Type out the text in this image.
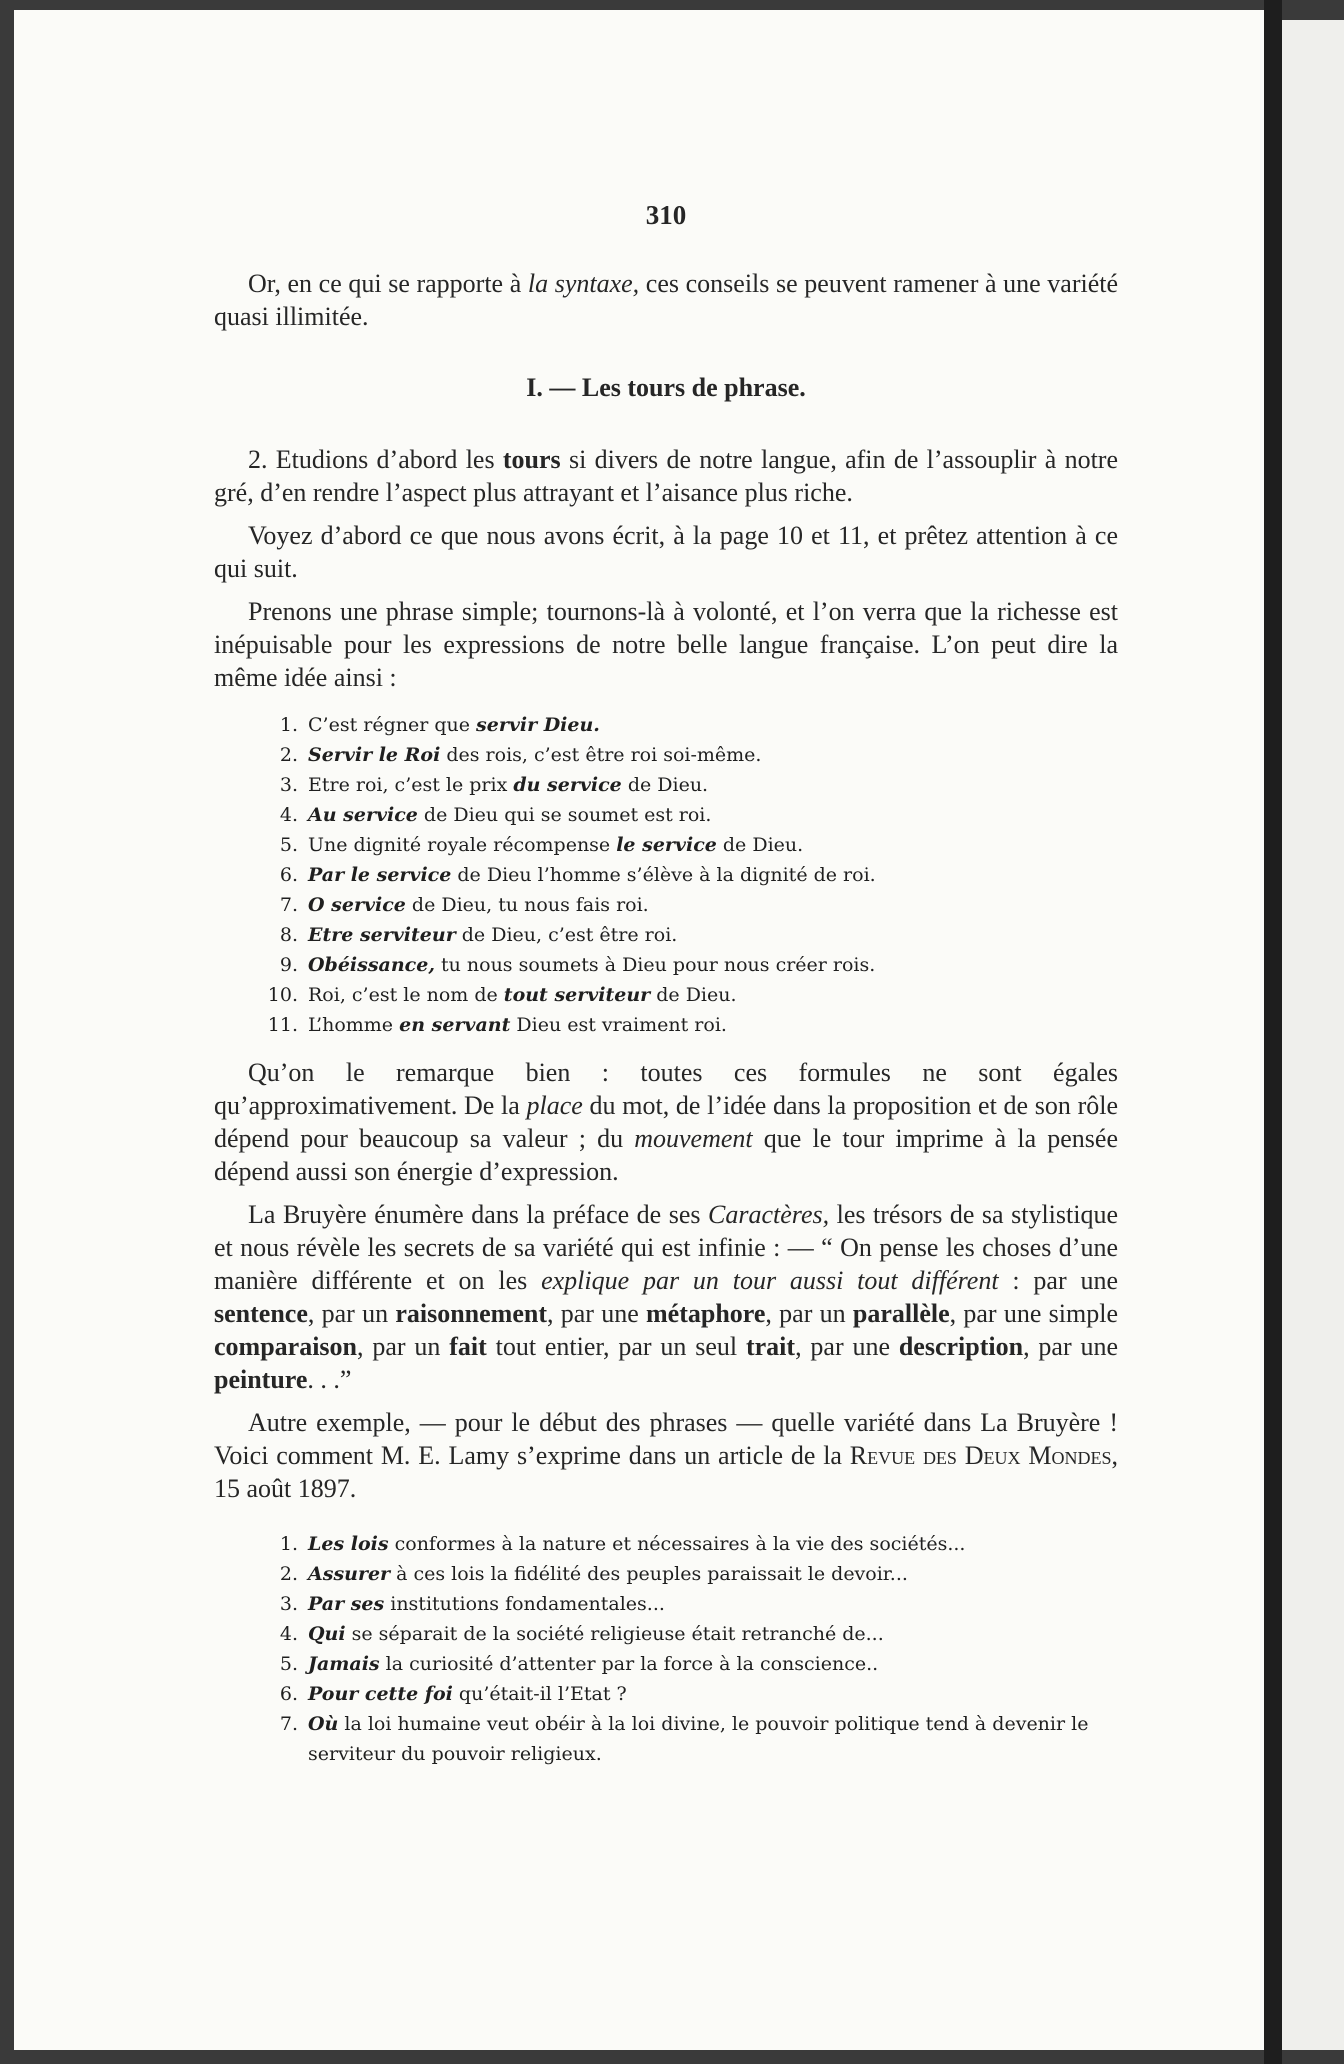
310

Or, en ce qui se rapporte à la syntaxe, ces conseils se peuvent ramener à une variété quasi illimitée.

I. — Les tours de phrase.

2. Etudions d’abord les tours si divers de notre langue, afin de l’assouplir à notre gré, d’en rendre l’aspect plus attrayant et l’aisance plus riche.

Voyez d’abord ce que nous avons écrit, à la page 10 et 11, et prêtez attention à ce qui suit.

Prenons une phrase simple; tournons-là à volonté, et l’on verra que la richesse est inépuisable pour les expressions de notre belle langue française. L’on peut dire la même idée ainsi :

1. C’est régner que servir Dieu.
2. Servir le Roi des rois, c’est être roi soi-même.
3. Etre roi, c’est le prix du service de Dieu.
4. Au service de Dieu qui se soumet est roi.
5. Une dignité royale récompense le service de Dieu.
6. Par le service de Dieu l’homme s’élève à la dignité de roi.
7. O service de Dieu, tu nous fais roi.
8. Etre serviteur de Dieu, c’est être roi.
9. Obéissance, tu nous soumets à Dieu pour nous créer rois.
10. Roi, c’est le nom de tout serviteur de Dieu.
11. L’homme en servant Dieu est vraiment roi.

Qu’on le remarque bien : toutes ces formules ne sont égales qu’approximativement. De la place du mot, de l’idée dans la proposition et de son rôle dépend pour beaucoup sa valeur ; du mouvement que le tour imprime à la pensée dépend aussi son énergie d’expression.

La Bruyère énumère dans la préface de ses Caractères, les trésors de sa stylistique et nous révèle les secrets de sa variété qui est infinie : — “ On pense les choses d’une manière différente et on les explique par un tour aussi tout différent : par une sentence, par un raisonnement, par une métaphore, par un parallèle, par une simple comparaison, par un fait tout entier, par un seul trait, par une description, par une peinture. . .”

Autre exemple, — pour le début des phrases — quelle variété dans La Bruyère ! Voici comment M. E. Lamy s’exprime dans un article de la Revue des Deux Mondes, 15 août 1897.

1. Les lois conformes à la nature et nécessaires à la vie des sociétés...
2. Assurer à ces lois la fidélité des peuples paraissait le devoir...
3. Par ses institutions fondamentales...
4. Qui se séparait de la société religieuse était retranché de...
5. Jamais la curiosité d’attenter par la force à la conscience..
6. Pour cette foi qu’était-il l’Etat ?
7. Où la loi humaine veut obéir à la loi divine, le pouvoir politique tend à devenir le serviteur du pouvoir religieux.
